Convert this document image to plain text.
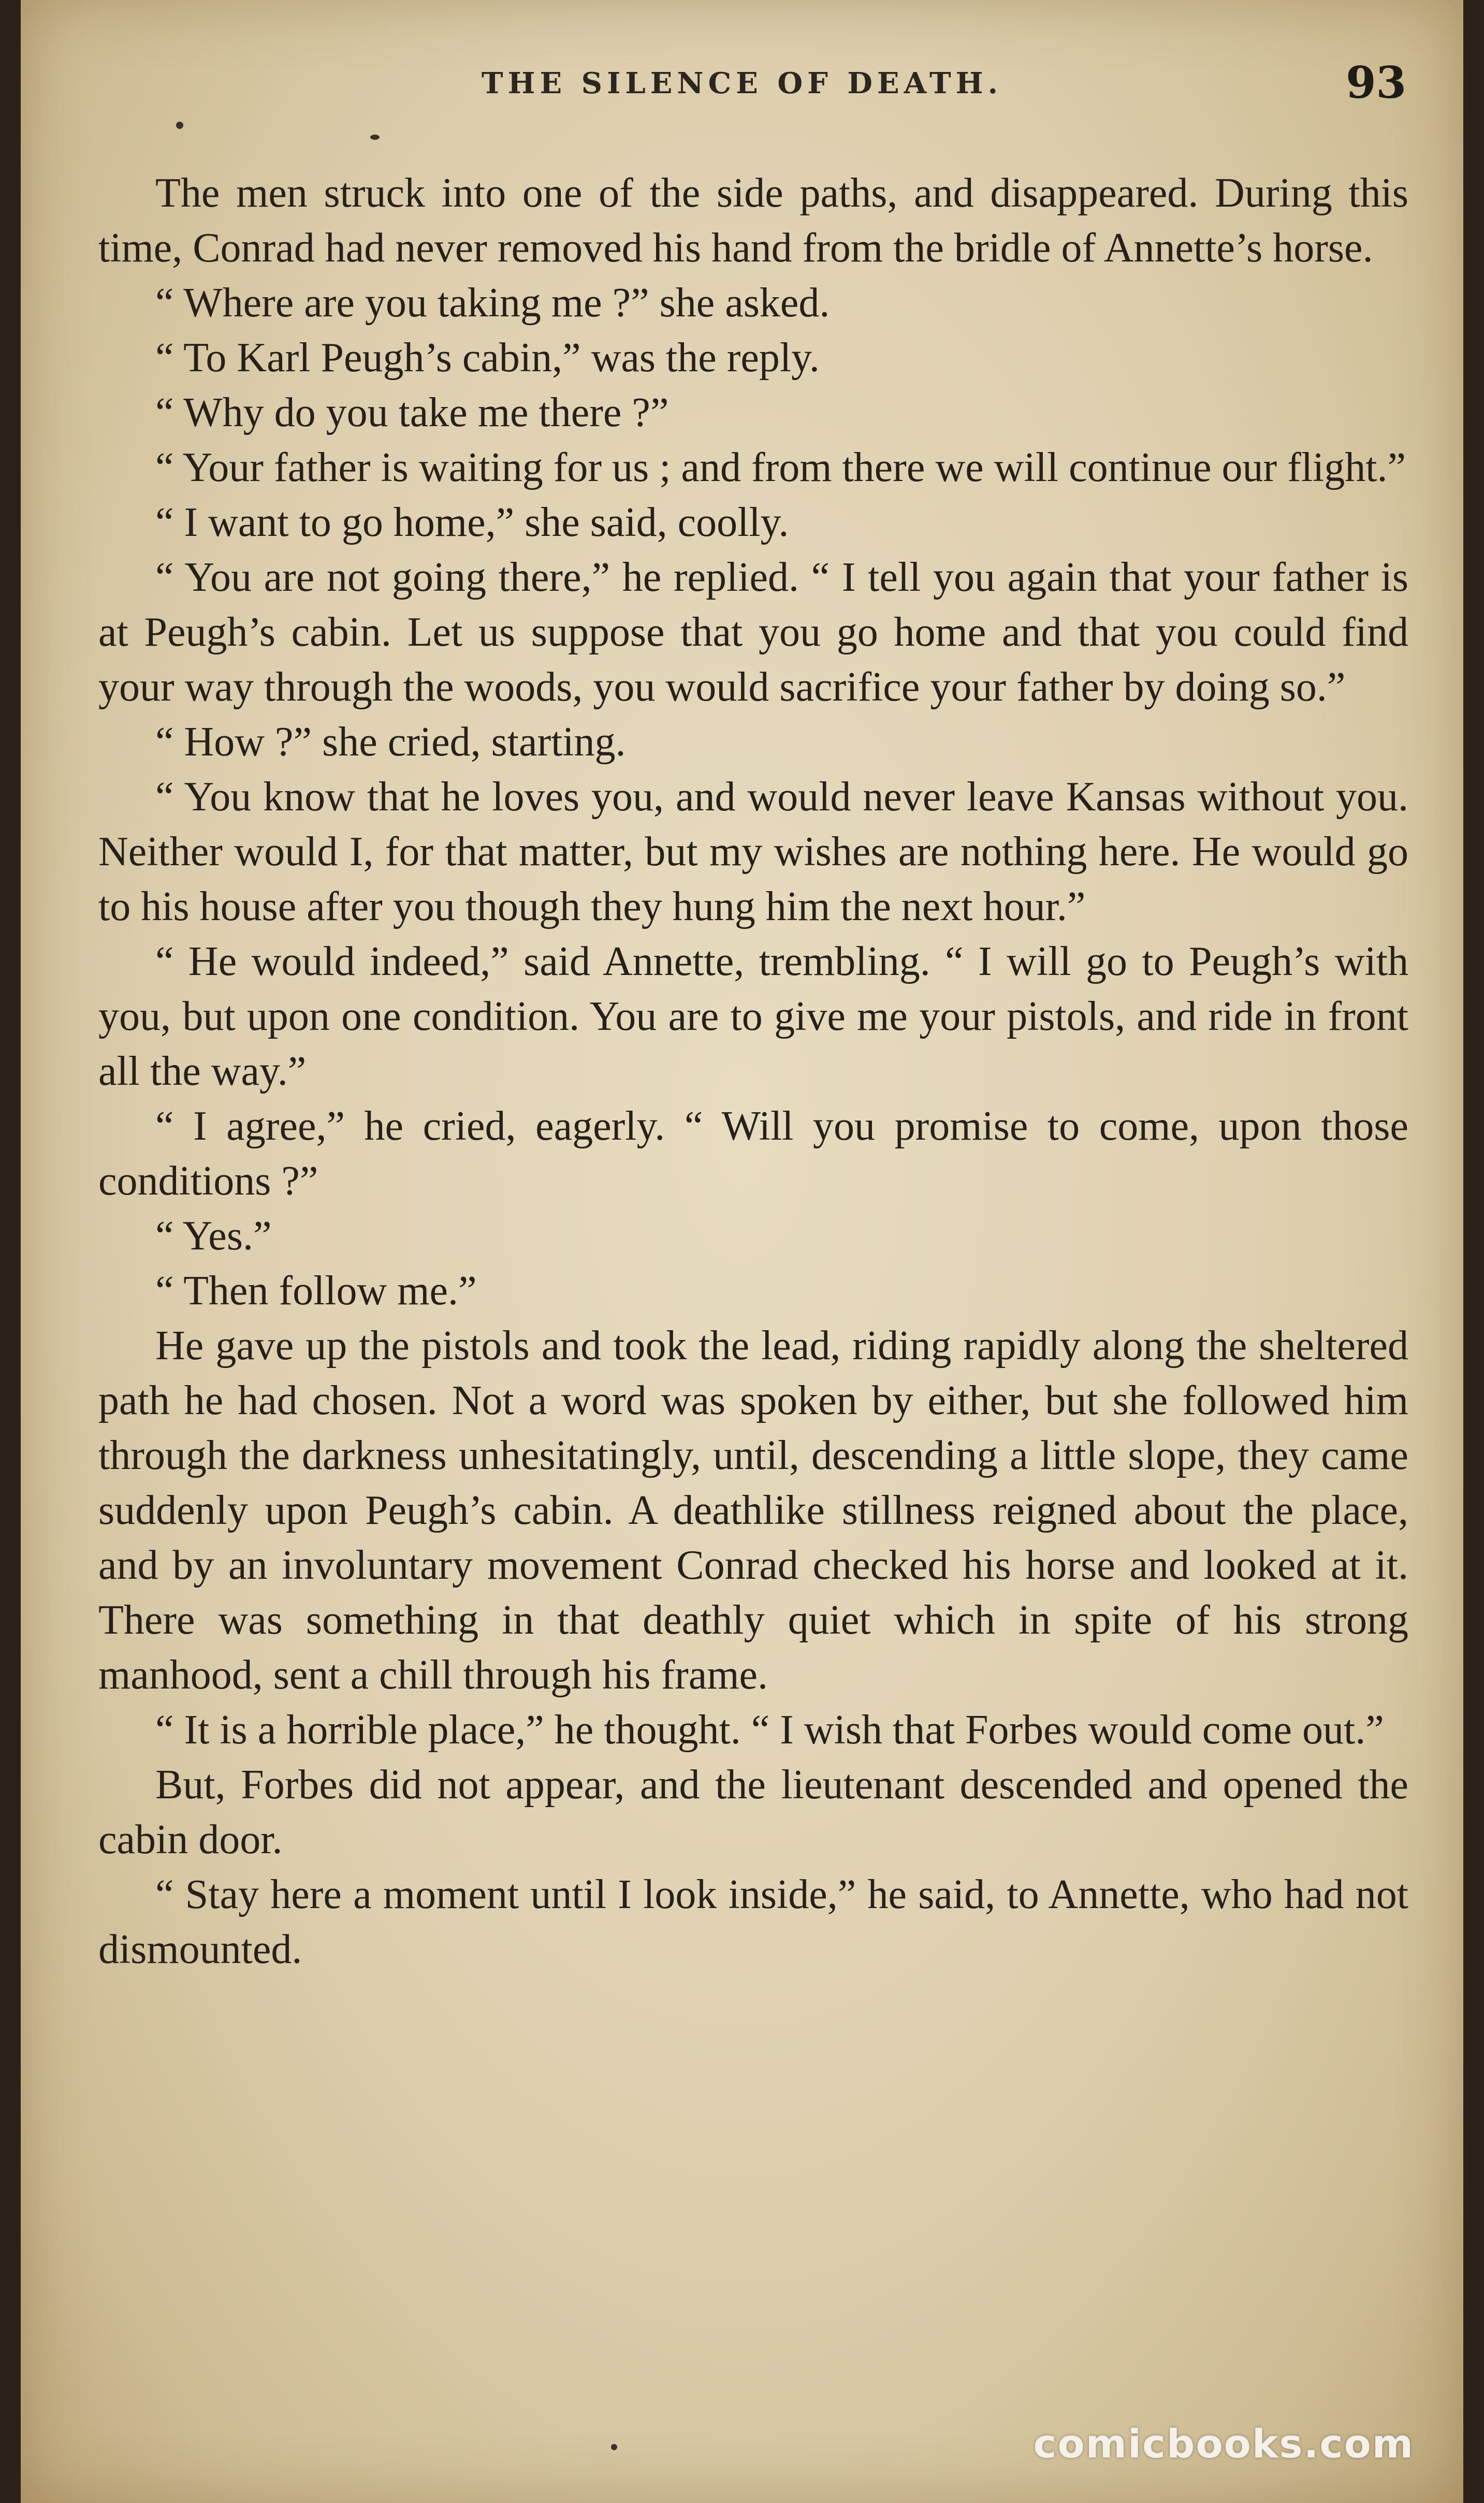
THE SILENCE OF DEATH.	93

The men struck into one of the side paths, and disappeared. During this time, Conrad had never removed his hand from the bridle of Annette’s horse.

“ Where are you taking me ?” she asked.

“ To Karl Peugh’s cabin,” was the reply.

“ Why do you take me there ?”

“ Your father is waiting for us ; and from there we will continue our flight.”

“ I want to go home,” she said, coolly.

“ You are not going there,” he replied. “ I tell you again that your father is at Peugh’s cabin. Let us suppose that you go home and that you could find your way through the woods, you would sacrifice your father by doing so.”

“ How ?” she cried, starting.

“ You know that he loves you, and would never leave Kansas without you. Neither would I, for that matter, but my wishes are nothing here. He would go to his house after you though they hung him the next hour.”

“ He would indeed,” said Annette, trembling. “ I will go to Peugh’s with you, but upon one condition. You are to give me your pistols, and ride in front all the way.”

“ I agree,” he cried, eagerly. “ Will you promise to come, upon those conditions ?”

“ Yes.”

“ Then follow me.”

He gave up the pistols and took the lead, riding rapidly along the sheltered path he had chosen. Not a word was spoken by either, but she followed him through the darkness unhesitatingly, until, descending a little slope, they came suddenly upon Peugh’s cabin. A deathlike stillness reigned about the place, and by an involuntary movement Conrad checked his horse and looked at it. There was something in that deathly quiet which in spite of his strong manhood, sent a chill through his frame.

“ It is a horrible place,” he thought. “ I wish that Forbes would come out.”

But, Forbes did not appear, and the lieutenant descended and opened the cabin door.

“ Stay here a moment until I look inside,” he said, to Annette, who had not dismounted.

comicbooks.com
